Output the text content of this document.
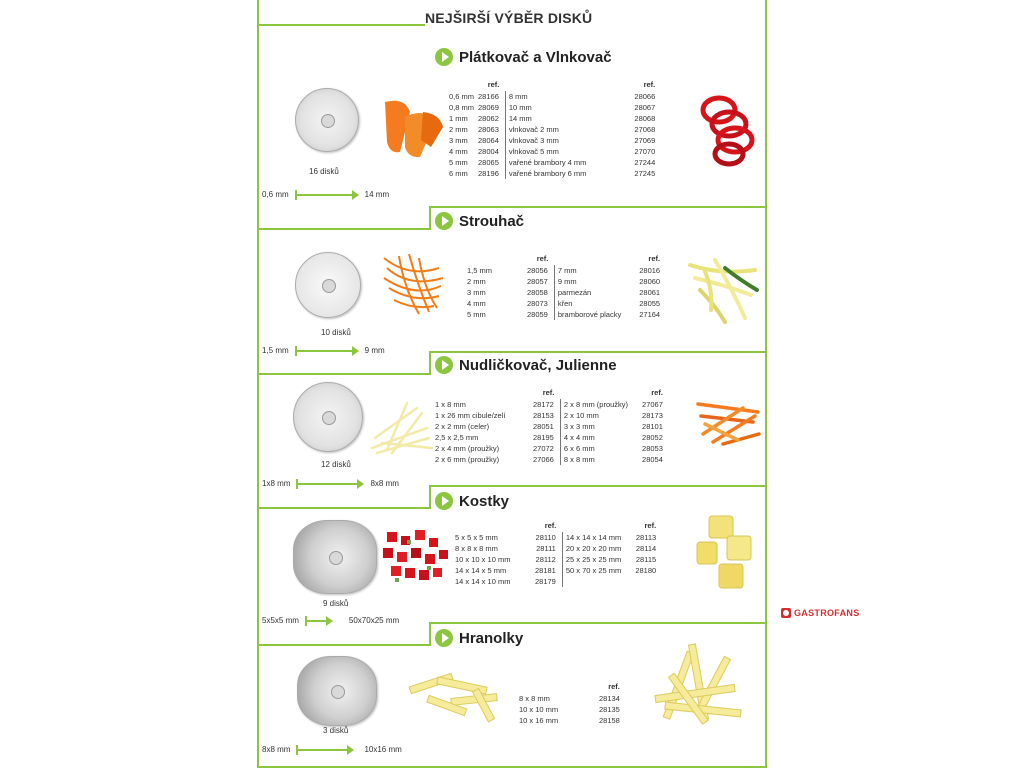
NEJŠIRŠÍ VÝBĚR DISKŮ
Plátkovač a Vlnkovač
16 disků
0,6 mm	14 mm
	ref.			ref.
0,6 mm	28166	8 mm		28066
0,8 mm	28069	10 mm		28067
1 mm	28062	14 mm		28068
2 mm	28063	vlnkovač 2 mm		27068
3 mm	28064	vlnkovač 3 mm		27069
4 mm	28004	vlnkovač 5 mm		27070
5 mm	28065	vařené brambory 4 mm		27244
6 mm	28196	vařené brambory 6 mm		27245
Strouhač
10 disků
1,5 mm	9 mm
	ref.			ref.
1,5 mm	28056	7 mm		28016
2 mm	28057	9 mm		28060
3 mm	28058	parmezán		28061
4 mm	28073	křen		28055
5 mm	28059	bramborové placky		27164
Nudličkovač, Julienne
12 disků
1x8 mm	8x8 mm
	ref.			ref.
1 x 8 mm	28172	2 x 8 mm (proužky)		27067
1 x 26 mm cibule/zelí	28153	2 x 10 mm		28173
2 x 2 mm (celer)	28051	3 x 3 mm		28101
2,5 x 2,5 mm	28195	4 x 4 mm		28052
2 x 4 mm (proužky)	27072	6 x 6 mm		28053
2 x 6 mm (proužky)	27066	8 x 8 mm		28054
Kostky
9 disků
5x5x5 mm	50x70x25 mm
	ref.			ref.
5 x 5 x 5 mm	28110	14 x 14 x 14 mm		28113
8 x 8 x 8 mm	28111	20 x 20 x 20 mm		28114
10 x 10 x 10 mm	28112	25 x 25 x 25 mm		28115
14 x 14 x 5 mm	28181	50 x 70 x 25 mm		28180
14 x 14 x 10 mm	28179			
Hranolky
3 disků
8x8 mm	10x16 mm
	ref.
8 x 8 mm	28134
10 x 10 mm	28135
10 x 16 mm	28158
GASTROFANS
